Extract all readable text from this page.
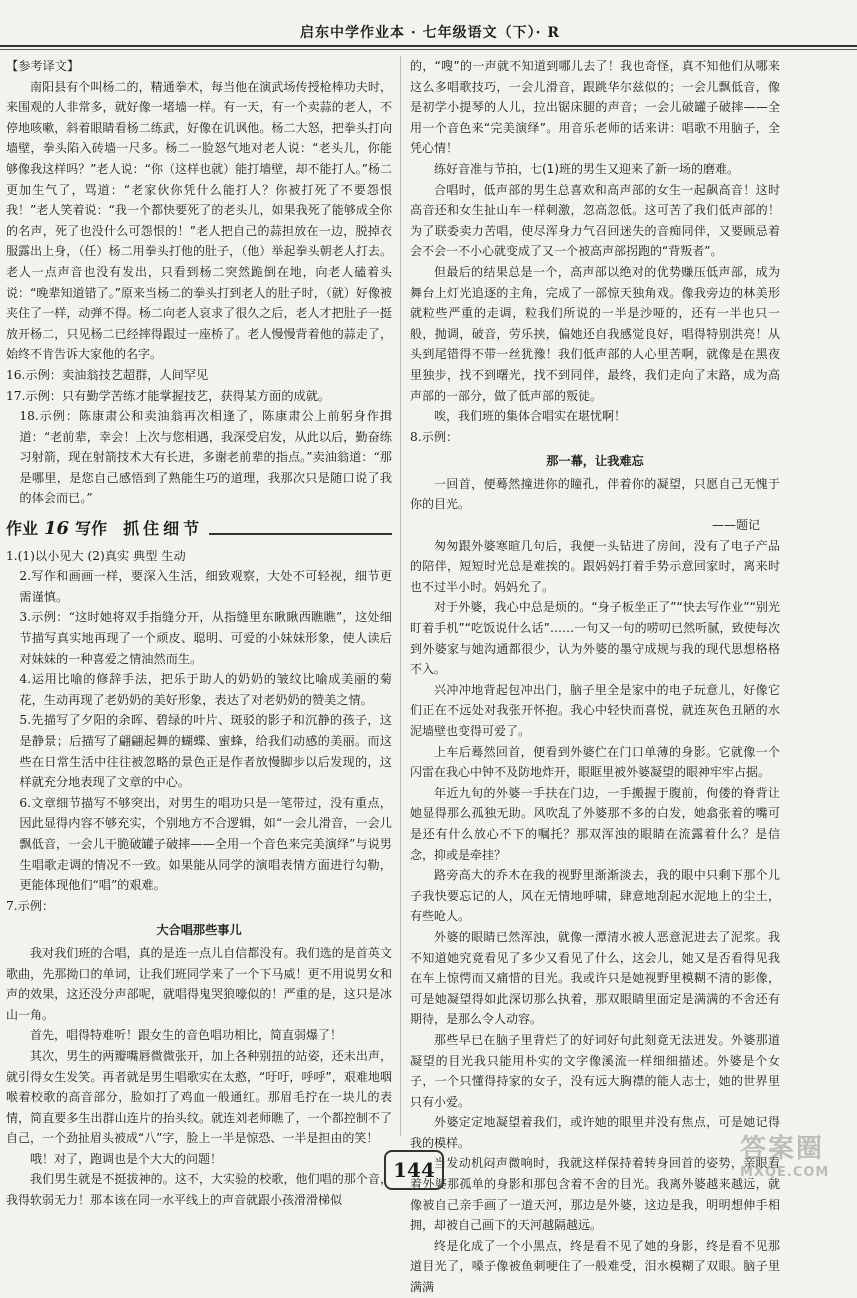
启东中学作业本 · 七年级语文（下）· R
【参考译文】

南阳县有个叫杨二的，精通拳术，每当他在演武场传授枪棒功夫时，来围观的人非常多，就好像一堵墙一样。有一天，有一个卖蒜的老人，不停地咳嗽，斜着眼睛看杨二练武，好像在讥讽他。杨二大怒，把拳头打向墙壁，拳头陷入砖墙一尺多。杨二一脸怒气地对老人说：“老头儿，你能够像我这样吗？”老人说：“你（这样也就）能打墙壁，却不能打人。”杨二更加生气了，骂道：“老家伙你凭什么能打人？你被打死了不要怨恨我！”老人笑着说：“我一个都快要死了的老头儿，如果我死了能够成全你的名声，死了也没什么可怨恨的！”老人把自己的蒜担放在一边，脱掉衣服露出上身，（任）杨二用拳头打他的肚子，（他）举起拳头朝老人打去。老人一点声音也没有发出，只看到杨二突然跪倒在地，向老人磕着头说：“晚辈知道错了。”原来当杨二的拳头打到老人的肚子时，（就）好像被夹住了一样，动弹不得。杨二向老人哀求了很久之后，老人才把肚子一挺放开杨二，只见杨二已经摔得跟过一座桥了。老人慢慢背着他的蒜走了，始终不肯告诉大家他的名字。

16.示例：卖油翁技艺超群，人间罕见

17.示例：只有勤学苦练才能掌握技艺，获得某方面的成就。

18.示例：陈康肃公和卖油翁再次相逢了，陈康肃公上前躬身作揖道：“老前辈，幸会！上次与您相遇，我深受启发，从此以后，勤奋练习射箭，现在射箭技术大有长进，多谢老前辈的指点。”卖油翁道：“那是哪里，是您自己感悟到了熟能生巧的道理，我那次只是随口说了我的体会而已。”

作业 16 写作 抓住细节

1.(1)以小见大 (2)真实 典型 生动

2.写作和画画一样，要深入生活，细致观察，大处不可轻视，细节更需谨慎。

3.示例：“这时她将双手指缝分开，从指缝里东瞅瞅西瞧瞧”，这处细节描写真实地再现了一个顽皮、聪明、可爱的小妹妹形象，使人读后对妹妹的一种喜爱之情油然而生。

4.运用比喻的修辞手法，把乐于助人的奶奶的皱纹比喻成美丽的菊花，生动再现了老奶奶的美好形象，表达了对老奶奶的赞美之情。

5.先描写了夕阳的余晖、碧绿的叶片、斑驳的影子和沉静的孩子，这是静景；后描写了翩翩起舞的蝴蝶、蜜蜂，给我们动感的美丽。而这些在日常生活中往往被忽略的景色正是作者放慢脚步以后发现的，这样就充分地表现了文章的中心。

6.文章细节描写不够突出，对男生的唱功只是一笔带过，没有重点，因此显得内容不够充实，个别地方不合逻辑，如“一会儿滑音，一会儿飘低音，一会儿干脆破罐子破摔——全用一个音色来完美演绎”与说男生唱歌走调的情况不一致。如果能从同学的演唱表情方面进行勾勒，更能体现他们“唱”的艰难。

7.示例：

大合唱那些事儿

我对我们班的合唱，真的是连一点儿自信都没有。我们选的是首英文歌曲，先那拗口的单词，让我们班同学来了一个下马威！更不用说男女和声的效果，这还没分声部呢，就唱得鬼哭狼嚎似的！严重的是，这只是冰山一角。

首先，唱得特难听！跟女生的音色唱功相比，简直弱爆了！

其次，男生的两瓣嘴唇微微张开，加上各种别扭的站姿，还未出声，就引得女生发笑。再者就是男生唱歌实在太憨，“吁吁，呼呼”，艰难地咽喉着校歌的高音部分，脸如打了鸡血一般通红。那眉毛拧在一块儿的表情，简直要多生出群山连片的抬头纹。就连刘老师瞧了，一个都控制不了自己，一个劲扯眉头被成“八”字，脸上一半是惊恐、一半是担由的笑！

哦！对了，跑调也是个大大的问题！

我们男生就是不挺拔神的。这不，大实验的校歌，他们唱的那个音，我得软弱无力！那本该在同一水平线上的声音就跟小孩滑滑梯似

的，“嗖”的一声就不知道到哪儿去了！我也奇怪，真不知他们从哪来这么多唱歌技巧，一会儿滑音，跟跳华尔兹似的；一会儿飘低音，像是初学小提琴的人儿，拉出锯床腿的声音；一会儿破罐子破摔——全用一个音色来“完美演绎”。用音乐老师的话来讲：唱歌不用脑子，全凭心情！

练好音准与节拍，七(1)班的男生又迎来了新一场的磨难。

合唱时，低声部的男生总喜欢和高声部的女生一起飙高音！这时高音还和女生扯山车一样刺激，忽高忽低。这可苦了我们低声部的！为了联委卖力苦唱，使尽浑身力气召回迷失的音痴同伴，又要顾忌着会不会一不小心就变成了又一个被高声部拐跑的“背叛者”。

但最后的结果总是一个，高声部以绝对的优势赚压低声部，成为舞台上灯光追逐的主角，完成了一部惊天独角戏。像我旁边的林美形就粒些严重的走调，粒我们所说的一半是沙哑的，还有一半也只一般，抛调，破音，劳乐挟，偏她还自我感觉良好，唱得特别洪亮！从头到尾错得不带一丝犹豫！我们低声部的人心里苦啊，就像是在黑夜里独步，找不到曙光，找不到同伴，最终，我们走向了末路，成为高声部的一部分，做了低声部的叛徒。

唉，我们班的集体合唱实在堪忧啊！

8.示例：

那一幕，让我难忘

一回首，便蓦然撞进你的瞳孔，伴着你的凝望，只愿自己无愧于你的目光。

——题记

匆匆跟外婆寒暄几句后，我便一头钻进了房间，没有了电子产品的陪伴，短短时光总是难挨的。跟妈妈打着手势示意回家时，离来时也不过半小时。妈妈允了。

对于外婆，我心中总是烦的。“身子板坐正了”“快去写作业”“别光盯着手机”“吃饭说什么话”……一句又一句的唠叨已然听腻，致使每次到外婆家与她沟通都很少，认为外婆的墨守成规与我的现代思想格格不入。

兴冲冲地背起包冲出门，脑子里全是家中的电子玩意儿，好像它们正在不远处对我张开怀抱。我心中轻快而喜悦，就连灰色丑陋的水泥墙壁也变得可爱了。

上车后蓦然回首，便看到外婆伫在门口单薄的身影。它就像一个闪雷在我心中钟不及防地炸开，眼眶里被外婆凝望的眼神牢牢占据。

年近九旬的外婆一手扶在门边，一手搬握于腹前，佝偻的脊背让她显得那么孤独无助。风吹乱了外婆那不多的白发，她翕张着的嘴可是还有什么放心不下的嘱托？那双浑浊的眼睛在流露着什么？是信念，抑或是牵挂？

路旁高大的乔木在我的视野里渐渐淡去，我的眼中只剩下那个儿子我快要忘记的人，风在无情地呼啸，肆意地刮起水泥地上的尘土，有些呛人。

外婆的眼睛已然浑浊，就像一潭清水被人恶意泥进去了泥浆。我不知道她究竟看见了多少又看见了什么，这会儿，她又是否看得见我在车上惊愕而又痛惜的目光。我或许只是她视野里模糊不清的影像，可是她凝望得如此深切那么执着，那双眼睛里面定是满满的不舍还有期待，是那么令人动容。

那些早已在脑子里背烂了的好词好句此刻竟无法迸发。外婆那道凝望的目光我只能用朴实的文字像溪流一样细细描述。外婆是个女子，一个只懂得持家的女子，没有远大胸襟的能人志士，她的世界里只有小爱。

外婆定定地凝望着我们，或许她的眼里并没有焦点，可是她记得我的模样。

当发动机闷声微响时，我就这样保持着转身回首的姿势，亲眼看着外婆那孤单的身影和那包含着不舍的目光。我离外婆越来越远，就像被自己亲手画了一道天河，那边是外婆，这边是我，明明想伸手相拥，却被自己画下的天河越隔越远。

终是化成了一个小黑点，终是看不见了她的身影，终是看不见那道目光了，嗓子像被鱼刺哽住了一般难受，泪水模糊了双眼。脑子里满满

144
答案圈
MXQE.COM
